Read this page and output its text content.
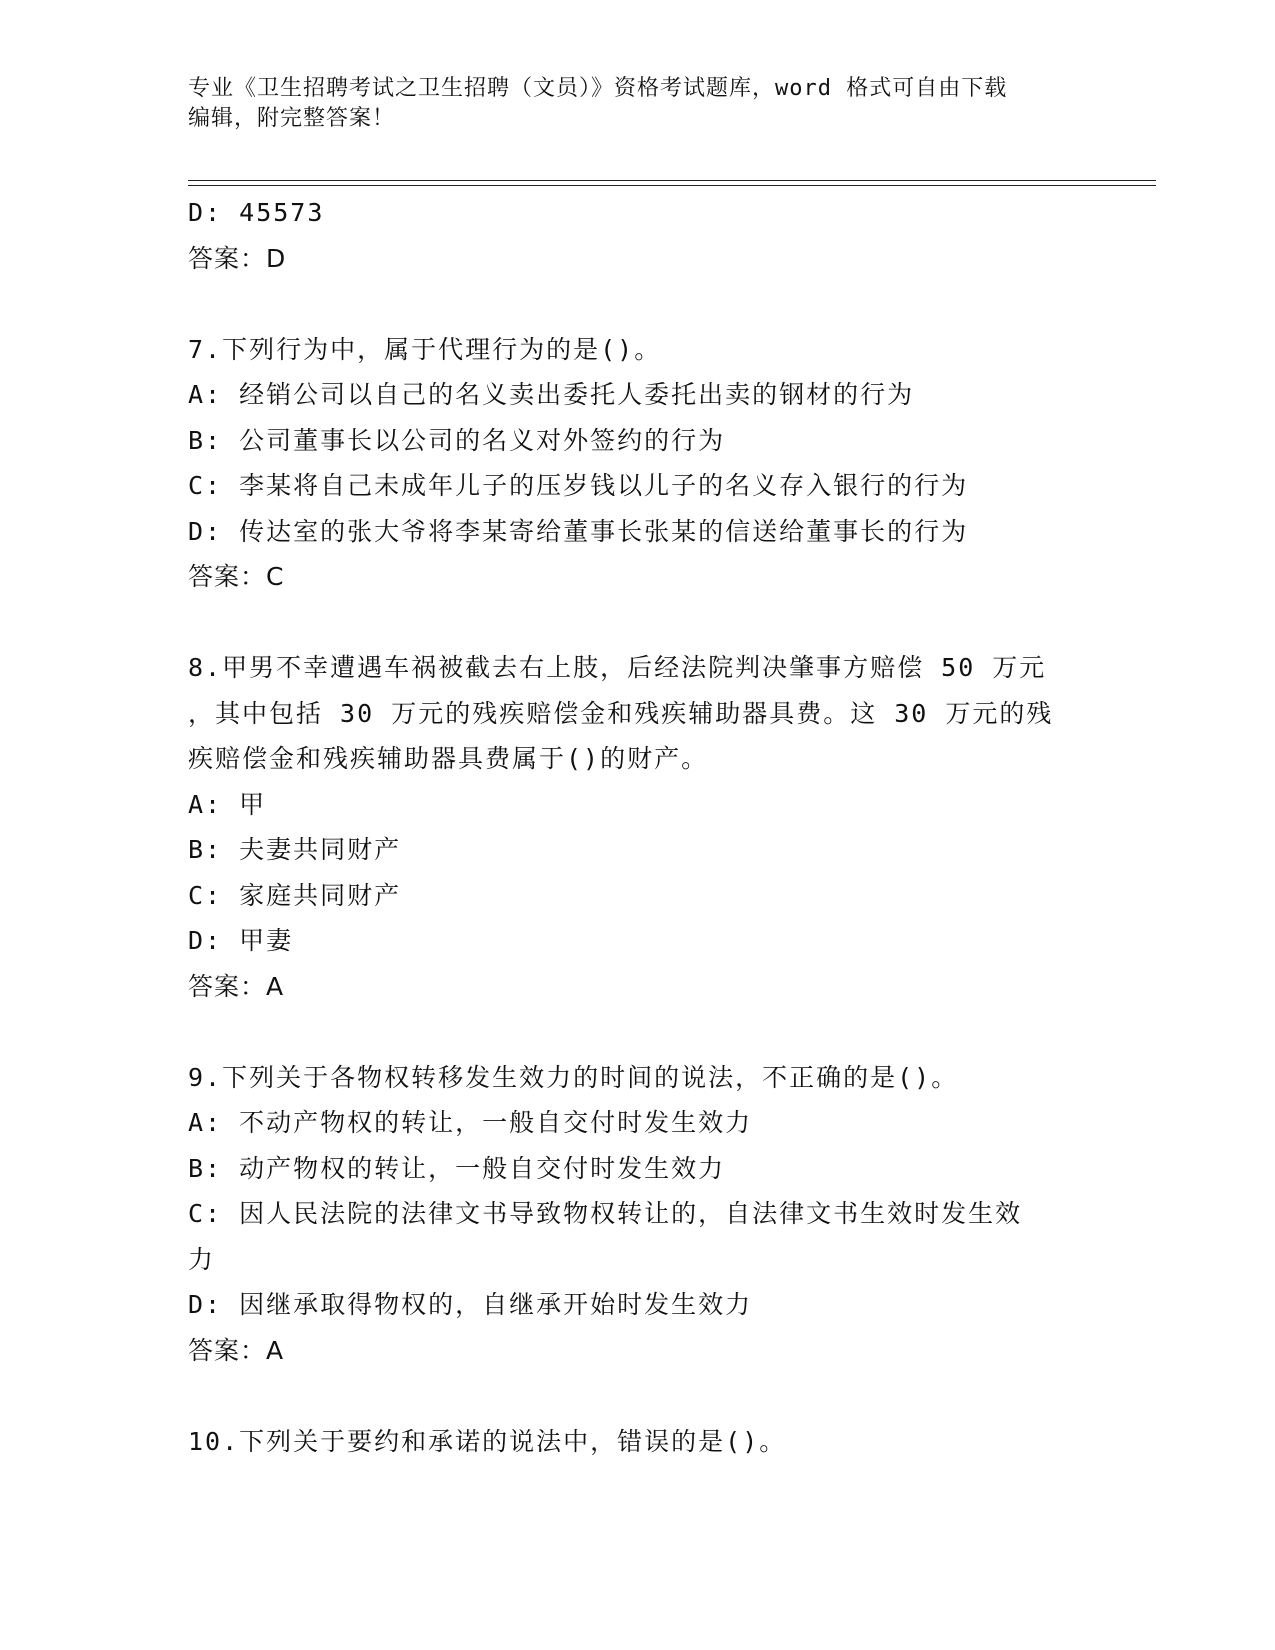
专业《卫生招聘考试之卫生招聘（文员）》资格考试题库，word 格式可自由下载
编辑，附完整答案！
D: 45573
答案：D
7.下列行为中，属于代理行为的是()。
A: 经销公司以自己的名义卖出委托人委托出卖的钢材的行为
B: 公司董事长以公司的名义对外签约的行为
C: 李某将自己未成年儿子的压岁钱以儿子的名义存入银行的行为
D: 传达室的张大爷将李某寄给董事长张某的信送给董事长的行为
答案：C
8.甲男不幸遭遇车祸被截去右上肢，后经法院判决肇事方赔偿 50 万元
，其中包括 30 万元的残疾赔偿金和残疾辅助器具费。这 30 万元的残
疾赔偿金和残疾辅助器具费属于()的财产。
A: 甲
B: 夫妻共同财产
C: 家庭共同财产
D: 甲妻
答案：A
9.下列关于各物权转移发生效力的时间的说法，不正确的是()。
A: 不动产物权的转让，一般自交付时发生效力
B: 动产物权的转让，一般自交付时发生效力
C: 因人民法院的法律文书导致物权转让的，自法律文书生效时发生效
力
D: 因继承取得物权的，自继承开始时发生效力
答案：A
10.下列关于要约和承诺的说法中，错误的是()。
